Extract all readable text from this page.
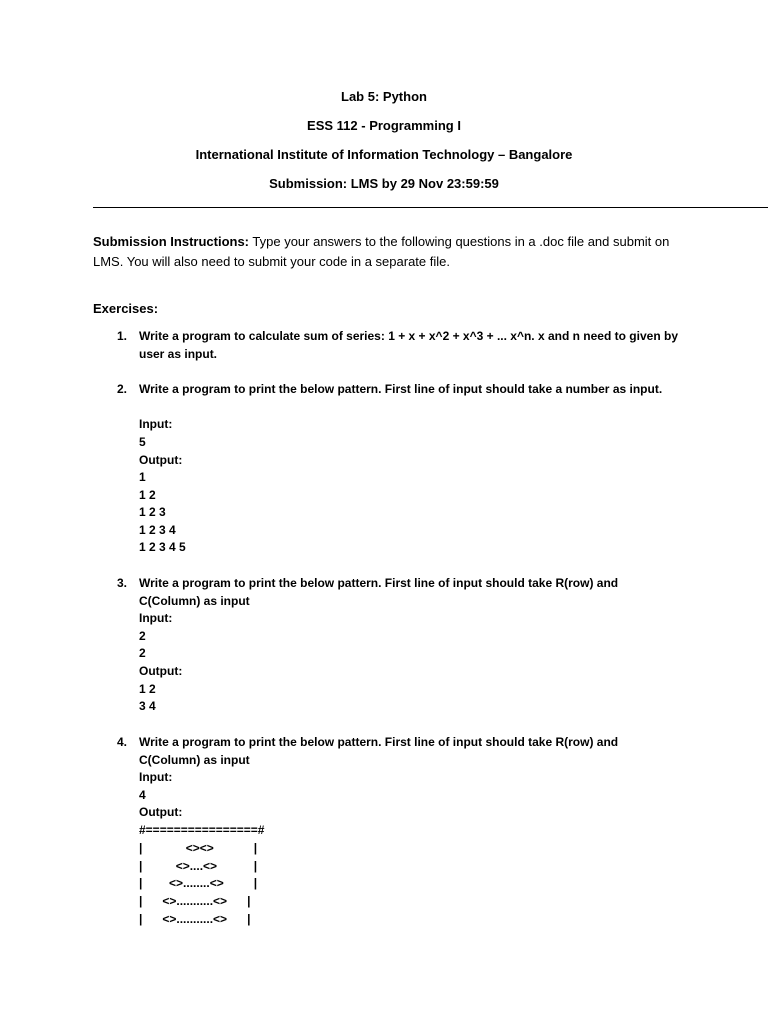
Lab 5: Python
ESS 112 - Programming I
International Institute of Information Technology – Bangalore
Submission: LMS by 29 Nov 23:59:59
Submission Instructions: Type your answers to the following questions in a .doc file and submit on LMS. You will also need to submit your code in a separate file.
Exercises:
1. Write a program to calculate sum of series: 1 + x + x^2 + x^3 + ... x^n. x and n need to given by user as input.
2. Write a program to print the below pattern. First line of input should take a number as input.
Input:
5
Output:
1
1 2
1 2 3
1 2 3 4
1 2 3 4 5
3. Write a program to print the below pattern. First line of input should take R(row) and C(Column) as input
Input:
2
2
Output:
1 2
3 4
4. Write a program to print the below pattern. First line of input should take R(row) and C(Column) as input
Input:
4
Output:
#================#
|             <><>            |
|          <>....<>           |
|        <>........<>         |
|      <>...........<>      |
|      <>...........<>      |
